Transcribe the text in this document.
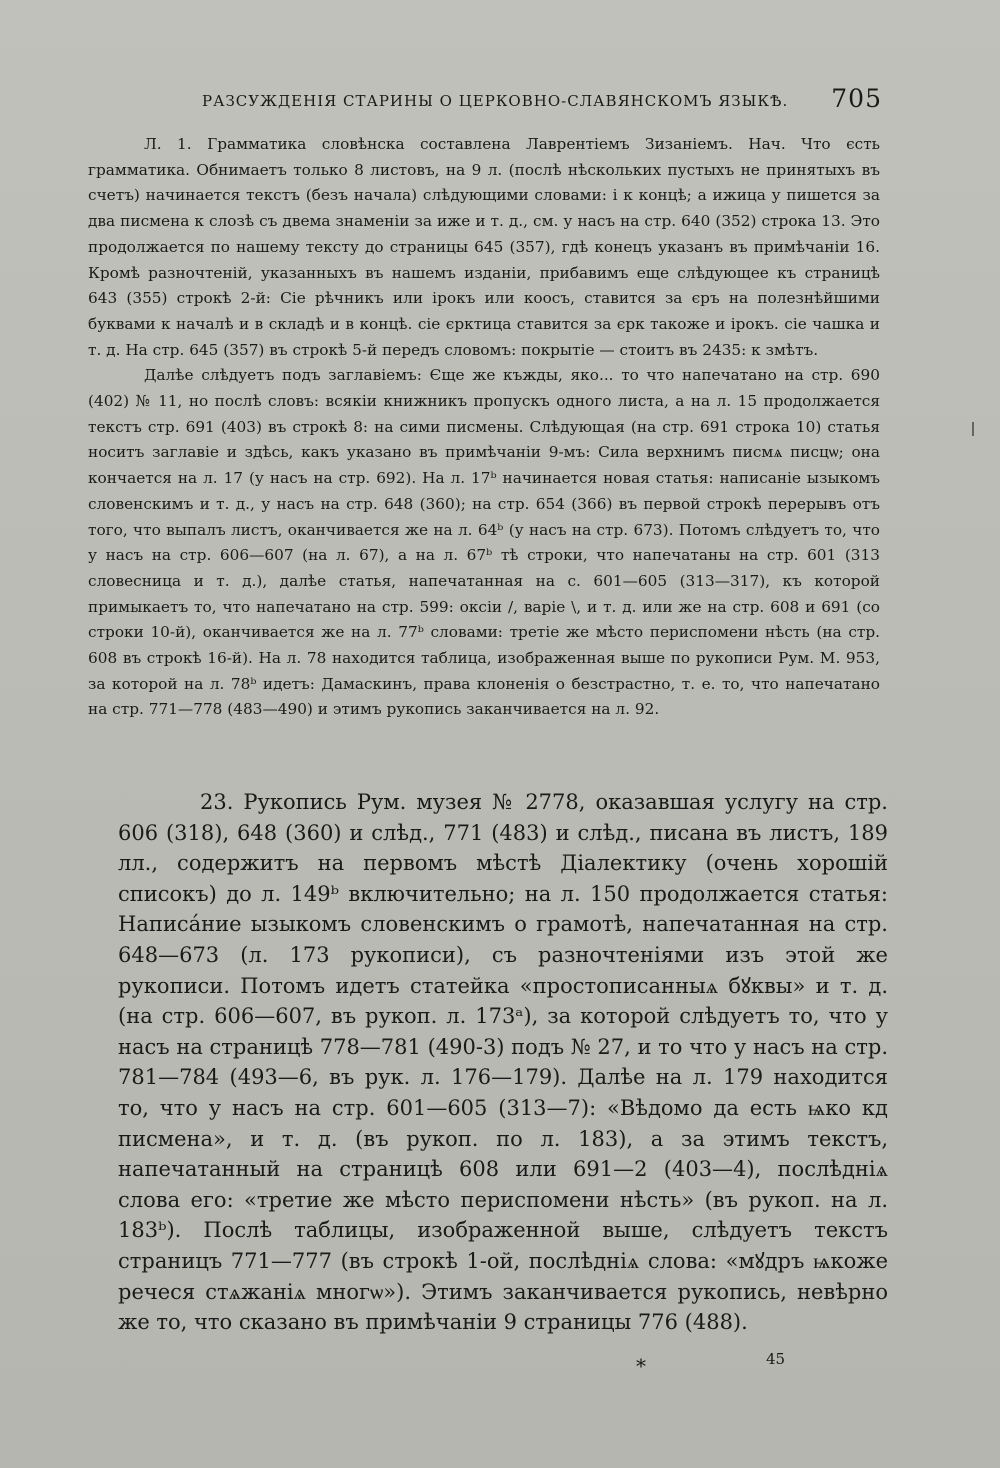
РАЗСУЖДЕНІЯ СТАРИНЫ О ЦЕРКОВНО-СЛАВЯНСКОМЪ ЯЗЫКѢ. 705

Л. 1. Граммaтика словѣнска составлена Лаврентіемъ Зизаніемъ. Нач. Что єсть грамматика. Обнимаетъ только 8 листовъ, на 9 л. (послѣ нѣскольких пустыхъ не принятыхъ въ счетъ) начинается текстъ (безъ начала) слѣдующими словами: і к концѣ; а ижица у пишется за два писмена к слозѣ съ двема знаменіи за иже и т. д., см. у насъ на стр. 640 (352) строка 13. Это продолжается по нашему тексту до страницы 645 (357), гдѣ конецъ указанъ въ примѣчаніи 16. Кромѣ разночтеній, указанныхъ въ нашемъ изданіи, прибавимъ еще слѣдующее къ страницѣ 643 (355) строкѣ 2-й: Сіе рѣчникъ или ірокъ или коосъ, ставится за єръ на полезнѣйшими буквами к началѣ и в складѣ и в концѣ. сіе єрктица ставится за єрк такоже и ірокъ. сіе чашка и т. д. На стр. 645 (357) въ строкѣ 5-й передъ словомъ: покрытіе — стоитъ въ 2435: к змѣтъ.

Далѣе слѣдуетъ подъ заглавіемъ: Єще же къжды, яко... то что напечатано на стр. 690 (402) № 11, но послѣ словъ: всякіи книжникъ пропускъ одного листа, а на л. 15 продолжается текстъ стр. 691 (403) въ строкѣ 8: на сими писмены. Слѣдующая (на стр. 691 строка 10) статья носитъ заглавіе и здѣсь, какъ указано въ примѣчаніи 9-мъ: Сила верхнимъ писмѧ писцѡ; она кончается на л. 17 (у насъ на стр. 692). На л. 17ᵇ начинается новая статья: написаніе ызыкомъ словенскимъ и т. д., у насъ на стр. 648 (360); на стр. 654 (366) въ первой строкѣ перерывъ отъ того, что выпалъ листъ, оканчивается же на л. 64ᵇ (у насъ на стр. 673). Потомъ слѣдуетъ то, что у насъ на стр. 606—607 (на л. 67), а на л. 67ᵇ тѣ строки, что напечатаны на стр. 601 (313 словесница и т. д.), далѣе статья, напечатанная на с. 601—605 (313—317), къ которой примыкаетъ то, что напечатано на стр. 599: оксіи /, варіе \, и т. д. или же на стр. 608 и 691 (со строки 10-й), оканчивается же на л. 77ᵇ словами: третіе же мѣсто периспомени нѣсть (на стр. 608 въ строкѣ 16-й). На л. 78 находится таблица, изображенная выше по рукописи Рум. М. 953, за которой на л. 78ᵇ идетъ: Дамаскинъ, права клоненія о безстрастно, т. е. то, что напечатано на стр. 771—778 (483—490) и этимъ рукопись заканчивается на л. 92.

23. Рукопись Рум. музея № 2778, оказавшая услугу на стр. 606 (318), 648 (360) и слѣд., 771 (483) и слѣд., писана въ листъ, 189 лл., содержитъ на первомъ мѣстѣ Діалектику (очень хорошій списокъ) до л. 149ᵇ включительно; на л. 150 продолжается статья: Написáние ызыкомъ словенскимъ о грамотѣ, напечатанная на стр. 648—673 (л. 173 рукописи), съ разночтеніями изъ этой же рукописи. Потомъ идетъ статейка «простописанныѧ бꙋквы» и т. д. (на стр. 606—607, въ рукоп. л. 173ᵃ), за которой слѣдуетъ то, что у насъ на страницѣ 778—781 (490-3) подъ № 27, и то что у насъ на стр. 781—784 (493—6, въ рук. л. 176—179). Далѣе на л. 179 находится то, что у насъ на стр. 601—605 (313—7): «Вѣдомо да есть ѩко кд писмена», и т. д. (въ рукоп. по л. 183), а за этимъ текстъ, напечатанный на страницѣ 608 или 691—2 (403—4), послѣдніѧ слова его: «третие же мѣсто периспомени нѣсть» (въ рукоп. на л. 183ᵇ). Послѣ таблицы, изображенной выше, слѣдуетъ текстъ страницъ 771—777 (въ строкѣ 1-ой, послѣдніѧ слова: «мꙋдръ ѩкоже речеся стѧжаніѧ многѡ»). Этимъ заканчивается рукопись, невѣрно же то, что сказано въ примѣчаніи 9 страницы 776 (488).

*	45
